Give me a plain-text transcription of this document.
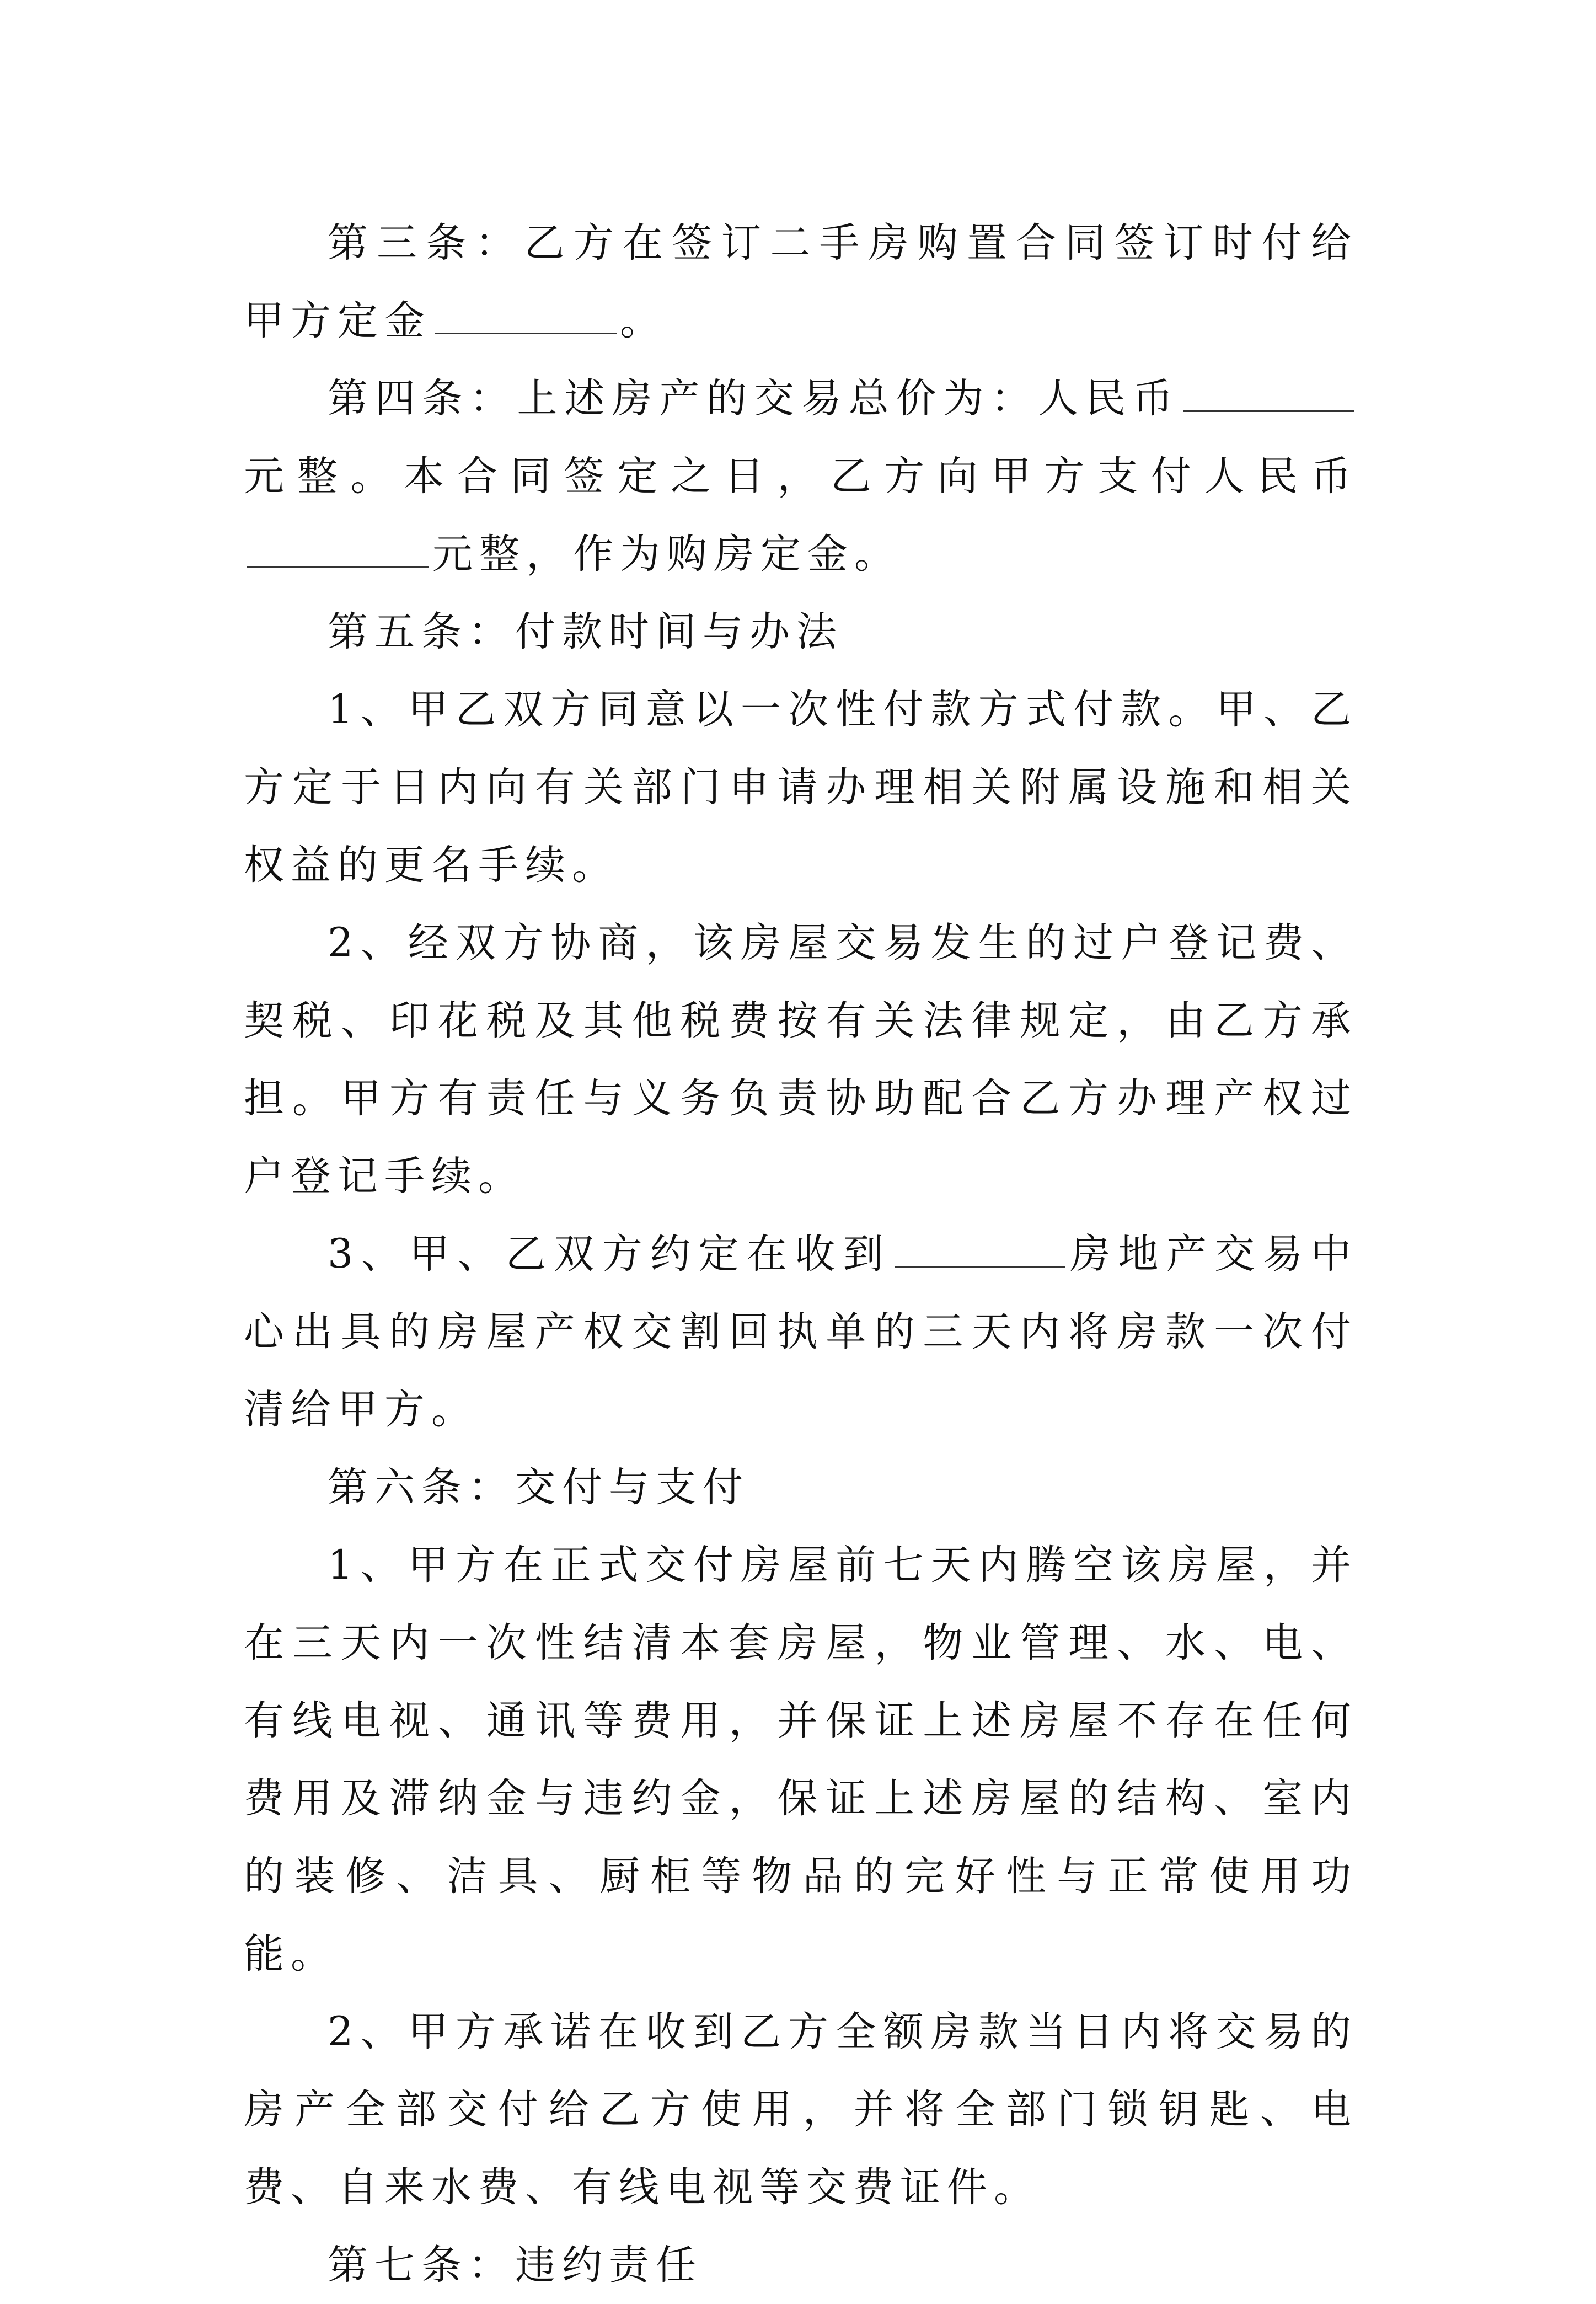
第三条：乙方在签订二手房购置合同签订时付给甲方定金	。

第四条：上述房产的交易总价为：人民币元整。本合同签定之日，乙方向甲方支付人民币元整，作为购房定金。

第五条：付款时间与办法

1、甲乙双方同意以一次性付款方式付款。甲、乙方定于日内向有关部门申请办理相关附属设施和相关权益的更名手续。

2、经双方协商，该房屋交易发生的过户登记费、契税、印花税及其他税费按有关法律规定，由乙方承担。甲方有责任与义务负责协助配合乙方办理产权过户登记手续。

3、甲、乙双方约定在收到	房地产交易中心出具的房屋产权交割回执单的三天内将房款一次付清给甲方。

第六条：交付与支付

1、甲方在正式交付房屋前七天内腾空该房屋，并在三天内一次性结清本套房屋，物业管理、水、电、有线电视、通讯等费用，并保证上述房屋不存在任何费用及滞纳金与违约金，保证上述房屋的结构、室内的装修、洁具、厨柜等物品的完好性与正常使用功能。

2、甲方承诺在收到乙方全额房款当日内将交易的房产全部交付给乙方使用，并将全部门锁钥匙、电费、自来水费、有线电视等交费证件。

第七条：违约责任
